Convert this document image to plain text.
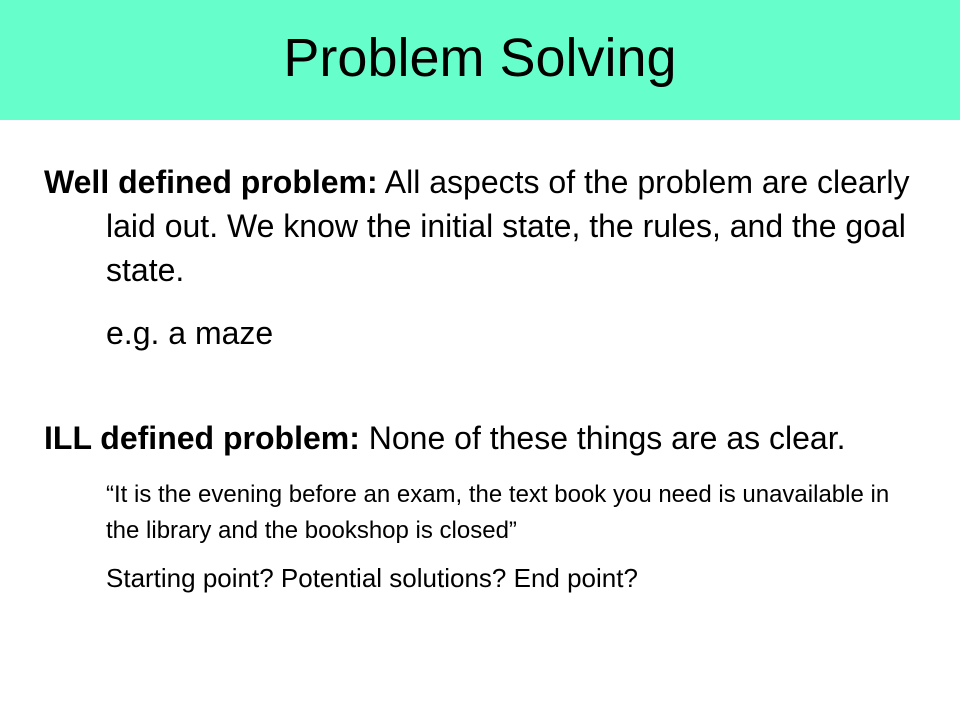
Problem Solving

Well defined problem: All aspects of the problem are clearly laid out. We know the initial state, the rules, and the goal state.

e.g. a maze

ILL defined problem: None of these things are as clear.

“It is the evening before an exam, the text book you need is unavailable in the library and the bookshop is closed”

Starting point? Potential solutions? End point?
